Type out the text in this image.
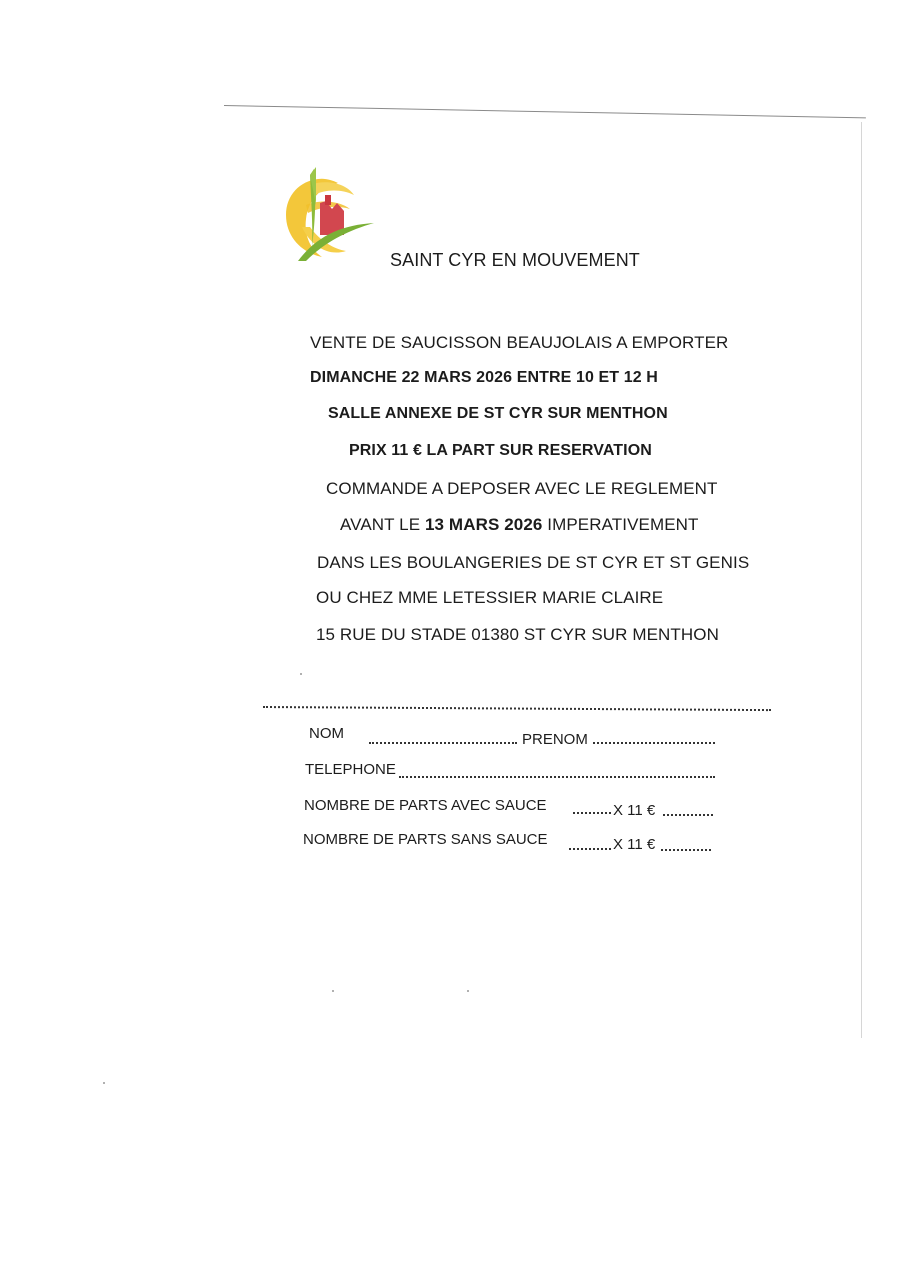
SAINT CYR EN MOUVEMENT
VENTE DE SAUCISSON BEAUJOLAIS A EMPORTER
DIMANCHE 22 MARS 2026 ENTRE 10 ET 12 H
SALLE ANNEXE DE ST CYR SUR MENTHON
PRIX 11 € LA PART SUR RESERVATION
COMMANDE A DEPOSER AVEC LE REGLEMENT
AVANT LE 13 MARS 2026 IMPERATIVEMENT
DANS LES BOULANGERIES DE ST CYR ET ST GENIS
OU CHEZ MME LETESSIER MARIE CLAIRE
15 RUE DU STADE 01380 ST CYR SUR MENTHON
NOM	PRENOM
TELEPHONE
NOMBRE DE PARTS AVEC SAUCE	X 11 €
NOMBRE DE PARTS SANS SAUCE	X 11 €
